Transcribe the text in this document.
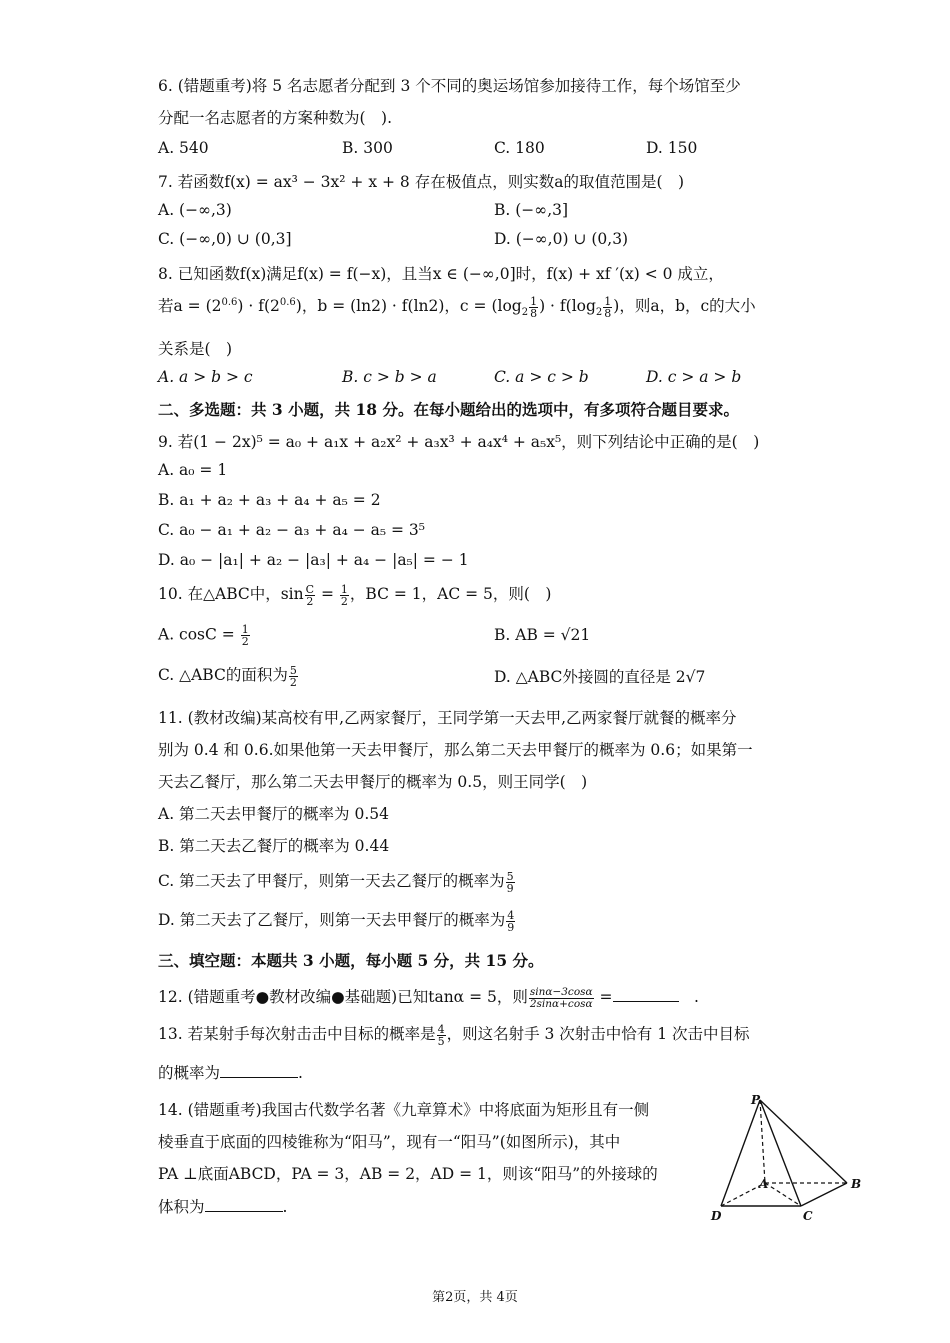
6. (错题重考)将 5 名志愿者分配到 3 个不同的奥运场馆参加接待工作，每个场馆至少
分配一名志愿者的方案种数为(　).
A. 540	B. 300	C. 180	D. 150
7. 若函数f(x) = ax³ − 3x² + x + 8 存在极值点，则实数a的取值范围是(　)
A. (−∞,3)	B. (−∞,3]
C. (−∞,0) ∪ (0,3]	D. (−∞,0) ∪ (0,3)
8. 已知函数f(x)满足f(x) = f(−x)，且当x ∈ (−∞,0]时，f(x) + xf ′(x) < 0 成立，
若$a = (2^{0.6}) \cdot f(2^{0.6})$，b = (ln2) · f(ln2)，$c = (\log_2 \frac{1}{8}$ ) · $f(\log_2 \frac{1}{8}$ )，则a，b，c的大小
关系是(　)
A. a > b > c	B. c > b > a	C. a > c > b	D. c > a > b
二、多选题：共 3 小题，共 18 分。在每小题给出的选项中，有多项符合题目要求。
9. 若(1 − 2x)⁵ = a₀ + a₁x + a₂x² + a₃x³ + a₄x⁴ + a₅x⁵，则下列结论中正确的是(　)
A. a₀ = 1
B. a₁ + a₂ + a₃ + a₄ + a₅ = 2
C. a₀ − a₁ + a₂ − a₃ + a₄ − a₅ = 3⁵
D. a₀ − |a₁| + a₂ − |a₃| + a₄ − |a₅| = − 1
10. 在△ABC中，$\sin \frac{C}{2} = \frac{1}{2}$ ，BC = 1，AC = 5，则(　)
A. $\cos C = \frac{1}{2}$	B. AB = √21
C. △ABC的面积为 $\frac{5}{2}$	D. △ABC外接圆的直径是 2√7
11. (教材改编)某高校有甲,乙两家餐厅，王同学第一天去甲,乙两家餐厅就餐的概率分
别为 0.4 和 0.6.如果他第一天去甲餐厅，那么第二天去甲餐厅的概率为 0.6；如果第一
天去乙餐厅，那么第二天去甲餐厅的概率为 0.5，则王同学(　)
A. 第二天去甲餐厅的概率为 0.54
B. 第二天去乙餐厅的概率为 0.44
C. 第二天去了甲餐厅，则第一天去乙餐厅的概率为 $\frac{5}{9}$
D. 第二天去了乙餐厅，则第一天去甲餐厅的概率为 $\frac{4}{9}$
三、填空题：本题共 3 小题，每小题 5 分，共 15 分。
12. (错题重考●教材改编●基础题)已知tanα = 5，则 $\frac{\sin\alpha-3\cos\alpha}{2\sin\alpha+\cos\alpha}$ =	　.
13. 若某射手每次射击击中目标的概率是 $\frac{4}{5}$ ，则这名射手 3 次射击中恰有 1 次击中目标
的概率为	.
14. (错题重考)我国古代数学名著《九章算术》中将底面为矩形且有一侧
棱垂直于底面的四棱锥称为“阳马”，现有一“阳马”(如图所示)，其中
PA ⊥底面ABCD，PA = 3，AB = 2，AD = 1，则该“阳马”的外接球的
体积为	.
P
A	B
C
D
第2页，共 4页
